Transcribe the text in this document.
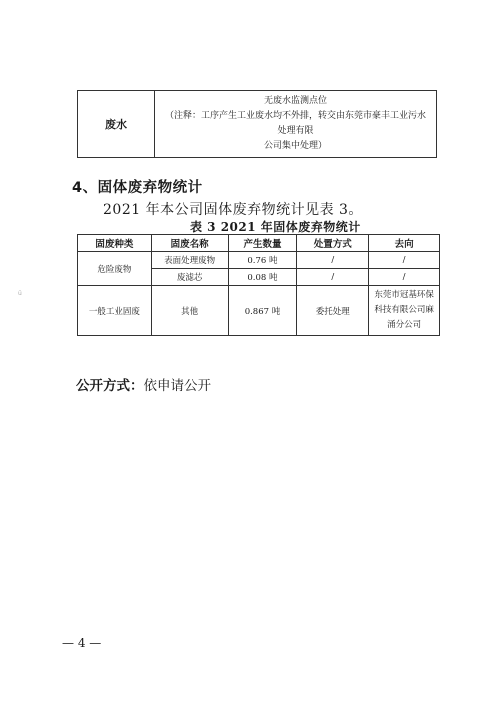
ü
废水	
无废水监测点位
（注释：工序产生工业废水均不外排，转交由东莞市豪丰工业污水处理有限
公司集中处理）
4、固体废弃物统计
2021 年本公司固体废弃物统计见表 3。
表 3 2021 年固体废弃物统计
固废种类	固废名称	产生数量	处置方式	去向
危险废物	表面处理废物	0.76 吨	/	/
	废滤芯	0.08 吨	/	/
一般工业固废	其他	0.867 吨	委托处理	东莞市冠基环保
科技有限公司麻
涌分公司
公开方式：依申请公开
— 4 —
